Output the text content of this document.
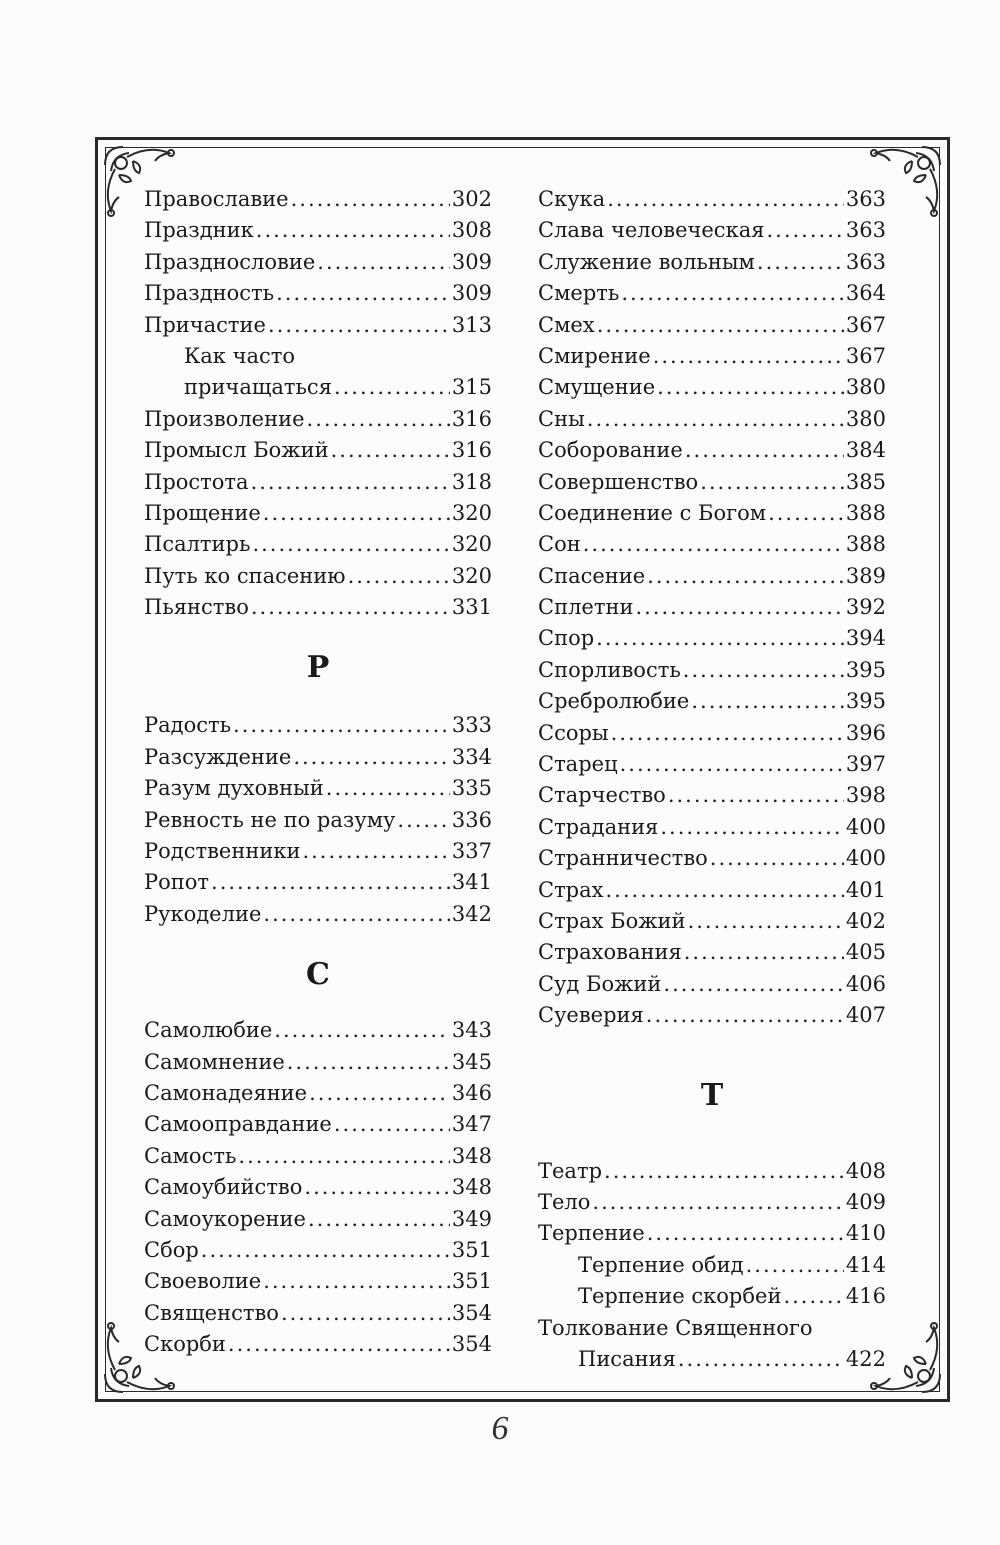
Православие .....	302
Праздник .....	308
Празднословие .....	309
Праздность .....	309
Причастие .....	313
Как часто
причащаться .....	315
Произволение .....	316
Промысл Божий .....	316
Простота .....	318
Прощение .....	320
Псалтирь .....	320
Путь ко спасению .....	320
Пьянство .....	331
Р
Радость .....	333
Разсуждение .....	334
Разум духовный .....	335
Ревность не по разуму .....	336
Родственники .....	337
Ропот .....	341
Рукоделие .....	342
С
Самолюбие .....	343
Самомнение .....	345
Самонадеяние .....	346
Самооправдание .....	347
Самость .....	348
Самоубийство .....	348
Самоукорение .....	349
Сбор .....	351
Своеволие .....	351
Священство .....	354
Скорби .....	354
Скука .....	363
Слава человеческая .....	363
Служение вольным .....	363
Смерть .....	364
Смех .....	367
Смирение .....	367
Смущение .....	380
Сны .....	380
Соборование .....	384
Совершенство .....	385
Соединение с Богом .....	388
Сон .....	388
Спасение .....	389
Сплетни .....	392
Спор .....	394
Спорливость .....	395
Сребролюбие .....	395
Ссоры .....	396
Старец .....	397
Старчество .....	398
Страдания .....	400
Странничество .....	400
Страх .....	401
Страх Божий .....	402
Страхования .....	405
Суд Божий .....	406
Суеверия .....	407
Т
Театр .....	408
Тело .....	409
Терпение .....	410
Терпение обид .....	414
Терпение скорбей .....	416
Толкование Священного
Писания .....	422
6
